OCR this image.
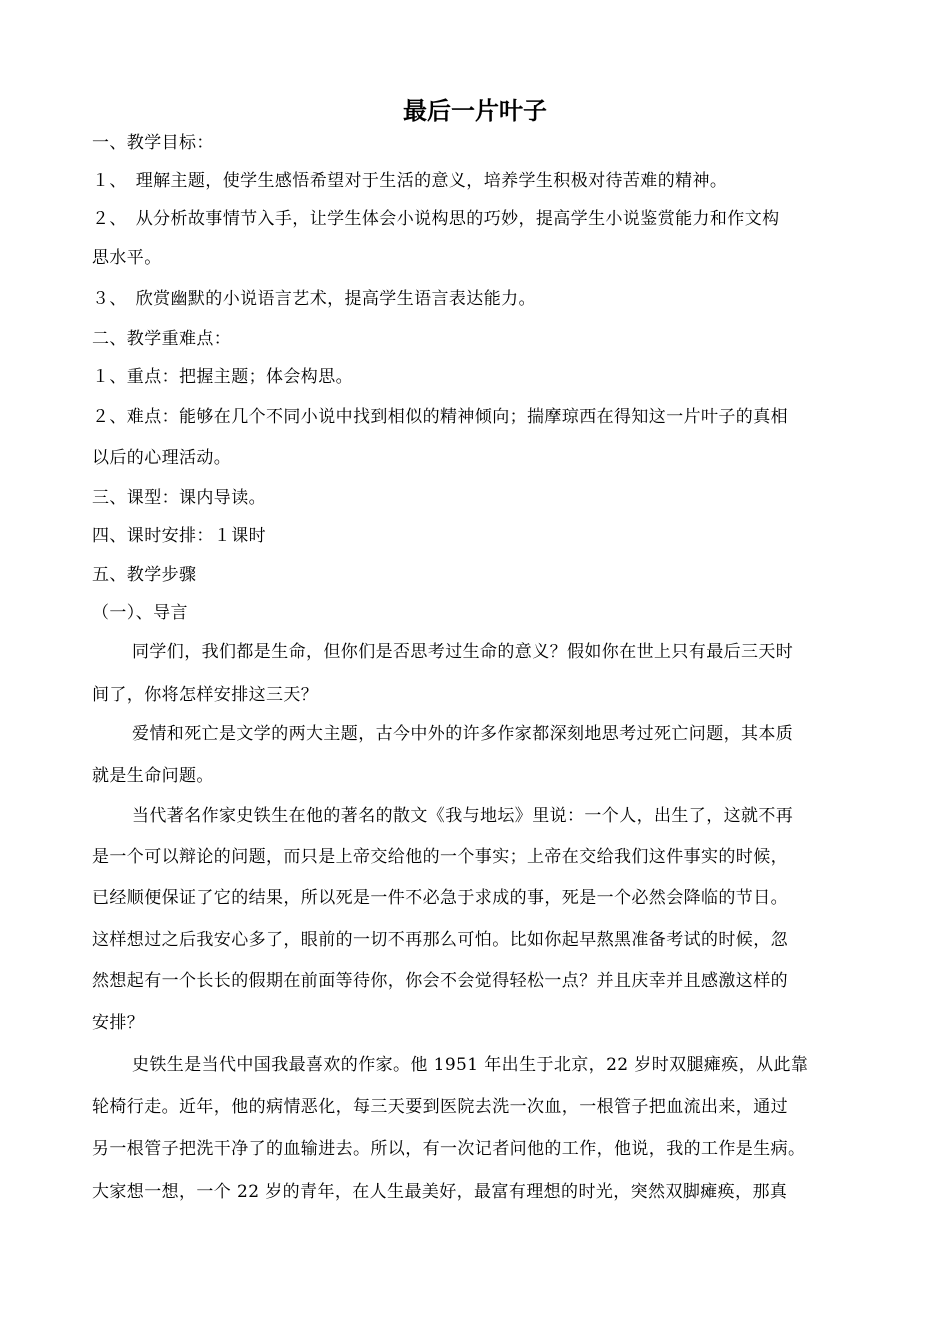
最后一片叶子
一、教学目标：
１、　理解主题，使学生感悟希望对于生活的意义，培养学生积极对待苦难的精神。
２、　从分析故事情节入手，让学生体会小说构思的巧妙，提高学生小说鉴赏能力和作文构
思水平。
３、　欣赏幽默的小说语言艺术，提高学生语言表达能力。
二、教学重难点：
１、重点：把握主题；体会构思。
２、难点：能够在几个不同小说中找到相似的精神倾向；揣摩琼西在得知这一片叶子的真相
以后的心理活动。
三、课型：课内导读。
四、课时安排：１课时
五、教学步骤
（一）、导言
同学们，我们都是生命，但你们是否思考过生命的意义？假如你在世上只有最后三天时
间了，你将怎样安排这三天？
爱情和死亡是文学的两大主题，古今中外的许多作家都深刻地思考过死亡问题，其本质
就是生命问题。
当代著名作家史铁生在他的著名的散文《我与地坛》里说：一个人，出生了，这就不再
是一个可以辩论的问题，而只是上帝交给他的一个事实；上帝在交给我们这件事实的时候，
已经顺便保证了它的结果，所以死是一件不必急于求成的事，死是一个必然会降临的节日。
这样想过之后我安心多了，眼前的一切不再那么可怕。比如你起早熬黑准备考试的时候，忽
然想起有一个长长的假期在前面等待你，你会不会觉得轻松一点？并且庆幸并且感激这样的
安排？
史铁生是当代中国我最喜欢的作家。他 1951 年出生于北京，22 岁时双腿瘫痪，从此靠
轮椅行走。近年，他的病情恶化，每三天要到医院去洗一次血，一根管子把血流出来，通过
另一根管子把洗干净了的血输进去。所以，有一次记者问他的工作，他说，我的工作是生病。
大家想一想，一个 22 岁的青年，在人生最美好，最富有理想的时光，突然双脚瘫痪，那真
